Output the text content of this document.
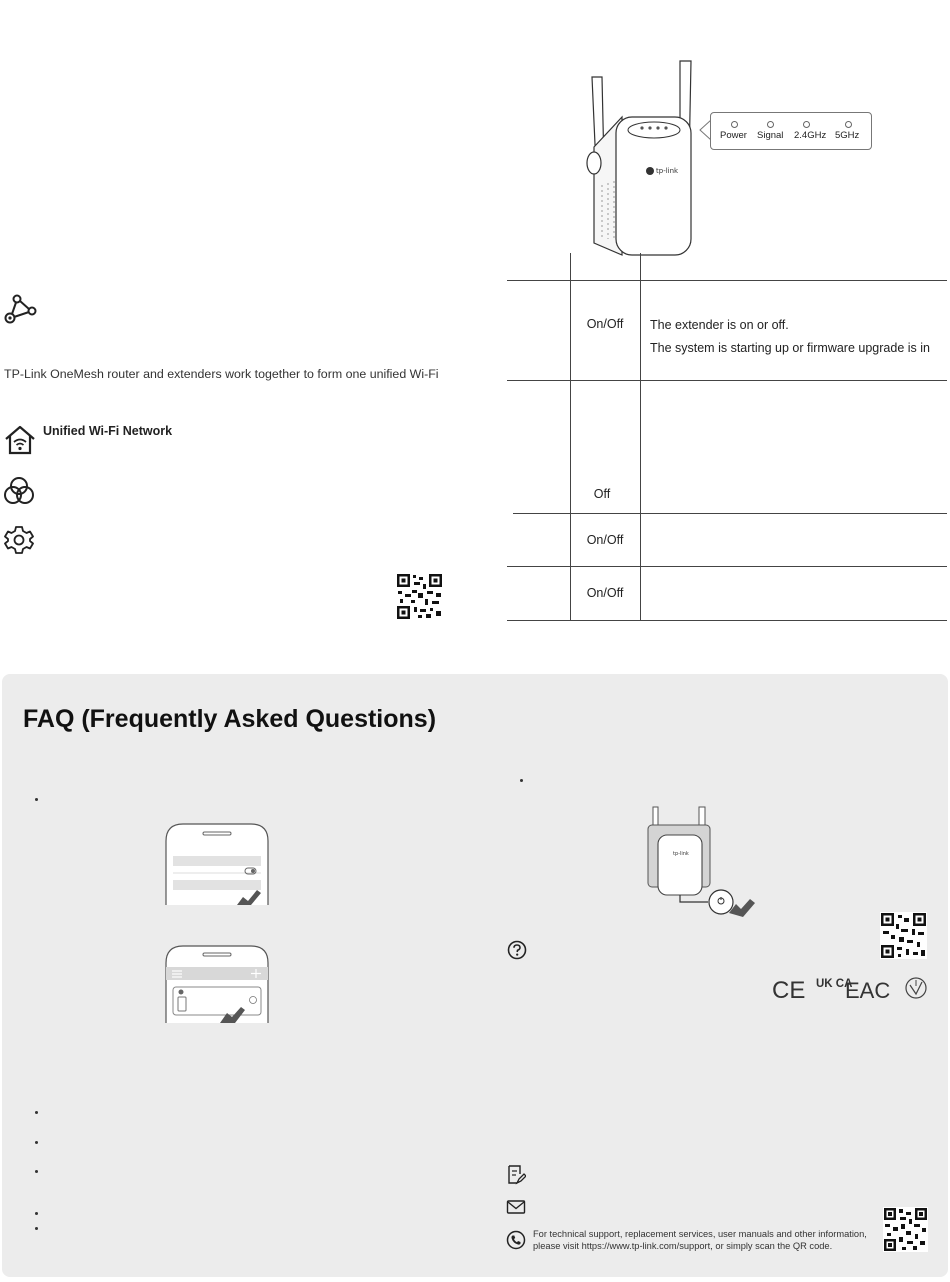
tp-link
Power Signal 2.4GHz 5GHz
On/Off	The extender is on or off.
The system is starting up or firmware upgrade is in
Off
On/Off
On/Off
TP-Link OneMesh router and extenders work together to form one unified Wi-Fi
Unified Wi-Fi Network
FAQ (Frequently Asked Questions)
tp-link
CE UK CA
EAC
For technical support, replacement services, user manuals and other information,
please visit https://www.tp-link.com/support, or simply scan the QR code.
